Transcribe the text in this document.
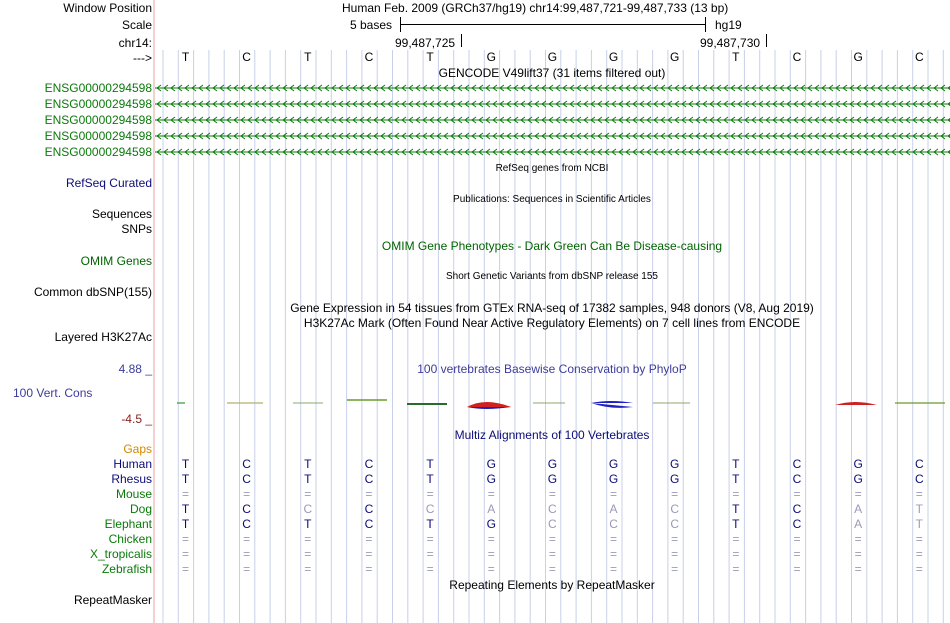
Window Position	Human Feb. 2009 (GRCh37/hg19) chr14:99,487,721-99,487,733 (13 bp)
Scale	5 bases	hg19
chr14:	99,487,725	99,487,730
---> T	C	T	C	T	G	G	G	G	T	C	G	C
GENCODE V49lift37 (31 items filtered out)
ENSG00000294598
ENSG00000294598
ENSG00000294598
ENSG00000294598
ENSG00000294598
RefSeq genes from NCBI
RefSeq Curated
Publications: Sequences in Scientific Articles
Sequences
SNPs
OMIM Gene Phenotypes - Dark Green Can Be Disease-causing
OMIM Genes
Short Genetic Variants from dbSNP release 155
Common dbSNP(155)
Gene Expression in 54 tissues from GTEx RNA-seq of 17382 samples, 948 donors (V8, Aug 2019)
H3K27Ac Mark (Often Found Near Active Regulatory Elements) on 7 cell lines from ENCODE
Layered H3K27Ac
4.88 _	100 vertebrates Basewise Conservation by PhyloP
100 Vert. Cons
-4.5 _
Multiz Alignments of 100 Vertebrates
Gaps
Human T	C	T	C	T	G	G	G	G	T	C	G	C
Rhesus T	C	T	C	T	G	G	G	G	T	C	G	C
Mouse =	=	=	=	=	=	=	=	=	=	=	=	=
Dog T	C	C	C	C	A	C	A	C	T	C	A	T
Elephant T	C	T	C	T	G	C	C	C	T	C	A	T
Chicken =	=	=	=	=	=	=	=	=	=	=	=	=
X_tropicalis =	=	=	=	=	=	=	=	=	=	=	=	=
Zebrafish =	=	=	=	=	=	=	=	=	=	=	=	=
Repeating Elements by RepeatMasker
RepeatMasker
